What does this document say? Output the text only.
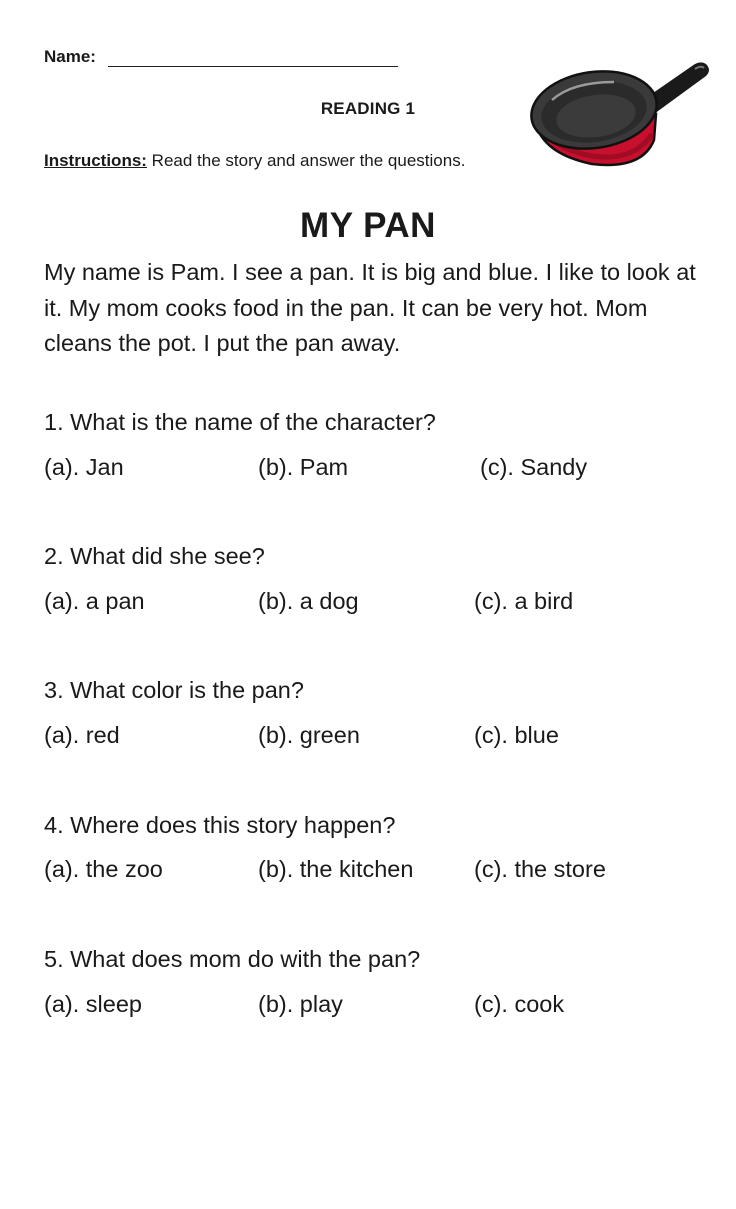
Name:
READING 1
Instructions: Read the story and answer the questions.
MY PAN
My name is Pam. I see a pan. It is big and blue. I like to look at it. My mom cooks food in the pan. It can be very hot. Mom cleans the pot. I put the pan away.
1. What is the name of the character?
(a). Jan	(b). Pam	(c). Sandy
2. What did she see?
(a). a pan	(b). a dog	(c). a bird
3. What color is the pan?
(a). red	(b). green	(c). blue
4. Where does this story happen?
(a). the zoo	(b). the kitchen	(c). the store
5. What does mom do with the pan?
(a). sleep	(b). play	(c). cook
